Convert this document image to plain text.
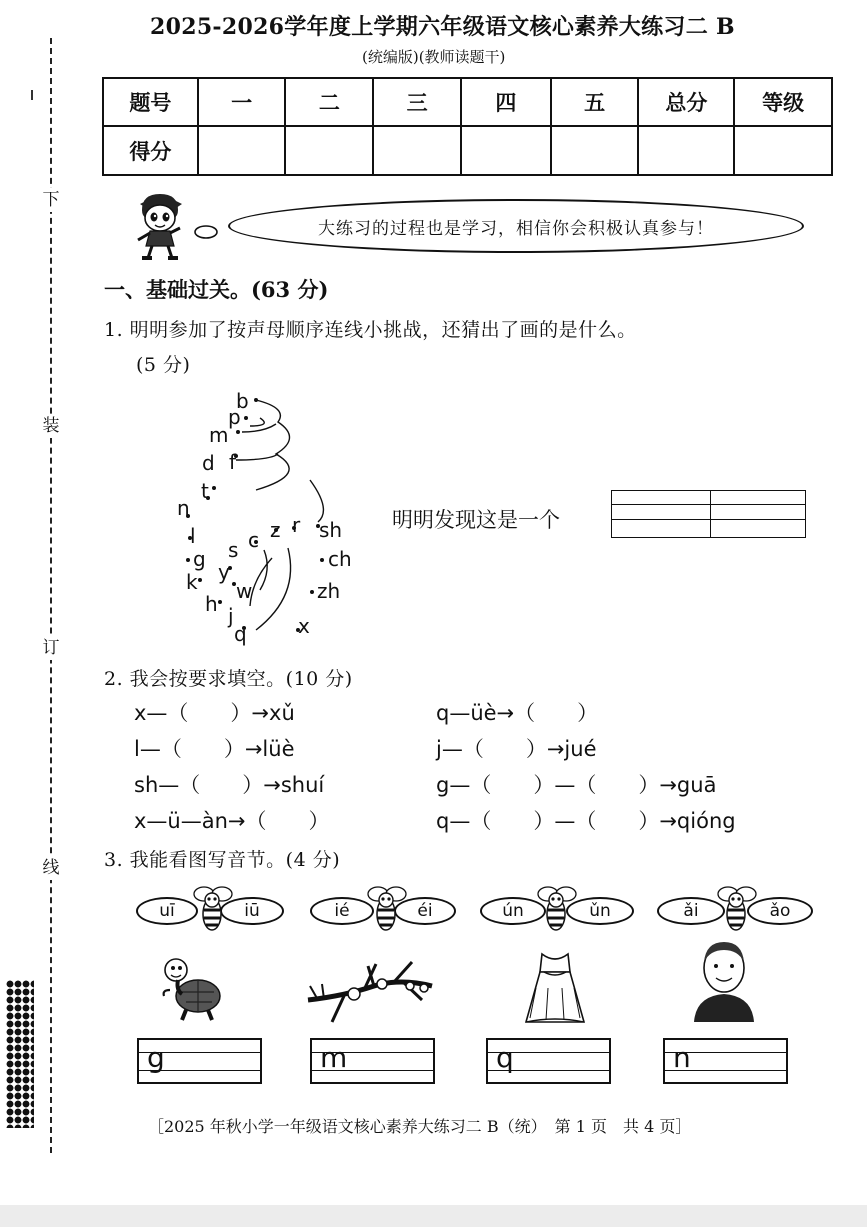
下
装
订
线
2025-2026学年度上学期六年级语文核心素养大练习二 B
(统编版)(教师读题干)
题号	一	二	三	四	五	总分	等级
得分							
大练习的过程也是学习，相信你会积极认真参与！
一、基础过关。(63 分)
1. 明明参加了按声母顺序连线小挑战，还猜出了画的是什么。
(5 分)
b
p
m
f
d
t
n
l
g
k
h j
q	x
zh
ch
sh
r
z
c
s
y
w
明明发现这是一个
2. 我会按要求填空。(10 分)
x—（　　）→xǔ	q—üè→（　　）
l—（　　）→lüè	j—（　　）→jué
sh—（　　）→shuí	g—（　　）—（　　）→guā
x—ü—àn→（　　）	q—（　　）—（　　）→qióng
3. 我能看图写音节。(4 分)
uī	iū	ié	éi	ún	ǔn	ǎi	ǎo
g	m	q	n
［2025 年秋小学一年级语文核心素养大练习二 B（统）　第 1 页　共 4 页］
